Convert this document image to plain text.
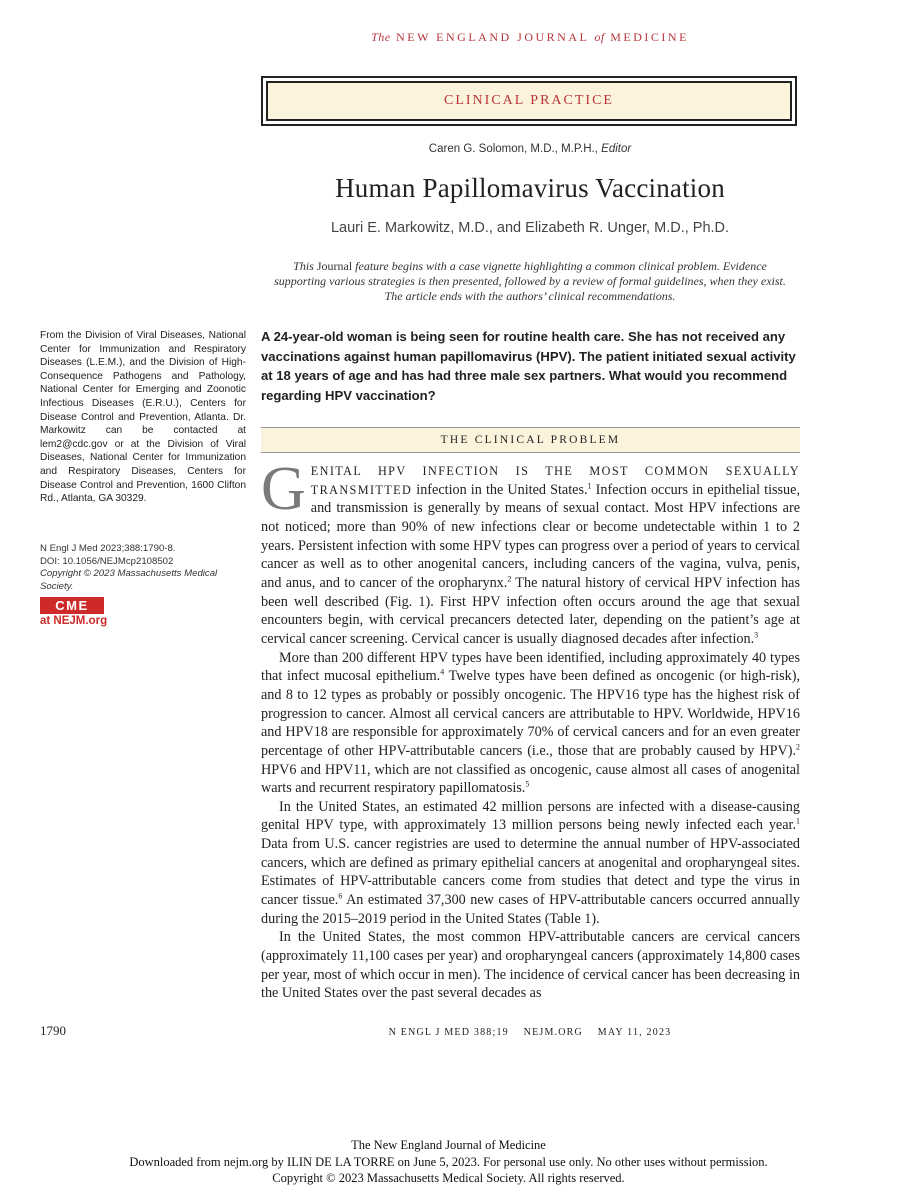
The NEW ENGLAND JOURNAL of MEDICINE
CLINICAL PRACTICE
Caren G. Solomon, M.D., M.P.H., Editor
Human Papillomavirus Vaccination
Lauri E. Markowitz, M.D., and Elizabeth R. Unger, M.D., Ph.D.
This Journal feature begins with a case vignette highlighting a common clinical problem. Evidence supporting various strategies is then presented, followed by a review of formal guidelines, when they exist. The article ends with the authors’ clinical recommendations.
From the Division of Viral Diseases, National Center for Immunization and Respiratory Diseases (L.E.M.), and the Division of High-Consequence Pathogens and Pathology, National Center for Emerging and Zoonotic Infectious Diseases (E.R.U.), Centers for Disease Control and Prevention, Atlanta. Dr. Markowitz can be contacted at lem2@cdc.gov or at the Division of Viral Diseases, National Center for Immunization and Respiratory Diseases, Centers for Disease Control and Prevention, 1600 Clifton Rd., Atlanta, GA 30329.
N Engl J Med 2023;388:1790-8.
DOI: 10.1056/NEJMcp2108502
Copyright © 2023 Massachusetts Medical Society.
CME
at NEJM.org
A 24-year-old woman is being seen for routine health care. She has not received any vaccinations against human papillomavirus (HPV). The patient initiated sexual activity at 18 years of age and has had three male sex partners. What would you recommend regarding HPV vaccination?
THE CLINICAL PROBLEM

GENITAL HPV INFECTION IS THE MOST COMMON SEXUALLY TRANSMITTED infection in the United States.$^1$ Infection occurs in epithelial tissue, and transmission is generally by means of sexual contact. Most HPV infections are not noticed; more than 90% of new infections clear or become undetectable within 1 to 2 years. Persistent infection with some HPV types can progress over a period of years to cervical cancer as well as to other anogenital cancers, including cancers of the vagina, vulva, penis, and anus, and to cancer of the oropharynx.$^2$ The natural history of cervical HPV infection has been well described (Fig. 1). First HPV infection often occurs around the age that sexual encounters begin, with cervical precancers detected later, depending on the patient’s age at cervical cancer screening. Cervical cancer is usually diagnosed decades after infection.$^3$

More than 200 different HPV types have been identified, including approximately 40 types that infect mucosal epithelium.$^4$ Twelve types have been defined as oncogenic (or high-risk), and 8 to 12 types as probably or possibly oncogenic. The HPV16 type has the highest risk of progression to cancer. Almost all cervical cancers are attributable to HPV. Worldwide, HPV16 and HPV18 are responsible for approximately 70% of cervical cancers and for an even greater percentage of other HPV-attributable cancers (i.e., those that are probably caused by HPV).$^2$ HPV6 and HPV11, which are not classified as oncogenic, cause almost all cases of anogenital warts and recurrent respiratory papillomatosis.$^5$

In the United States, an estimated 42 million persons are infected with a disease-causing genital HPV type, with approximately 13 million persons being newly infected each year.$^1$ Data from U.S. cancer registries are used to determine the annual number of HPV-associated cancers, which are defined as primary epithelial cancers at anogenital and oropharyngeal sites. Estimates of HPV-attributable cancers come from studies that detect and type the virus in cancer tissue.$^6$ An estimated 37,300 new cases of HPV-attributable cancers occurred annually during the 2015–2019 period in the United States (Table 1).

In the United States, the most common HPV-attributable cancers are cervical cancers (approximately 11,100 cases per year) and oropharyngeal cancers (approximately 14,800 cases per year, most of which occur in men). The incidence of cervical cancer has been decreasing in the United States over the past several decades as

1790	N ENGL J MED 388;19    NEJM.ORG    MAY 11, 2023
The New England Journal of Medicine
Downloaded from nejm.org by ILIN DE LA TORRE on June 5, 2023. For personal use only. No other uses without permission.
Copyright © 2023 Massachusetts Medical Society. All rights reserved.
